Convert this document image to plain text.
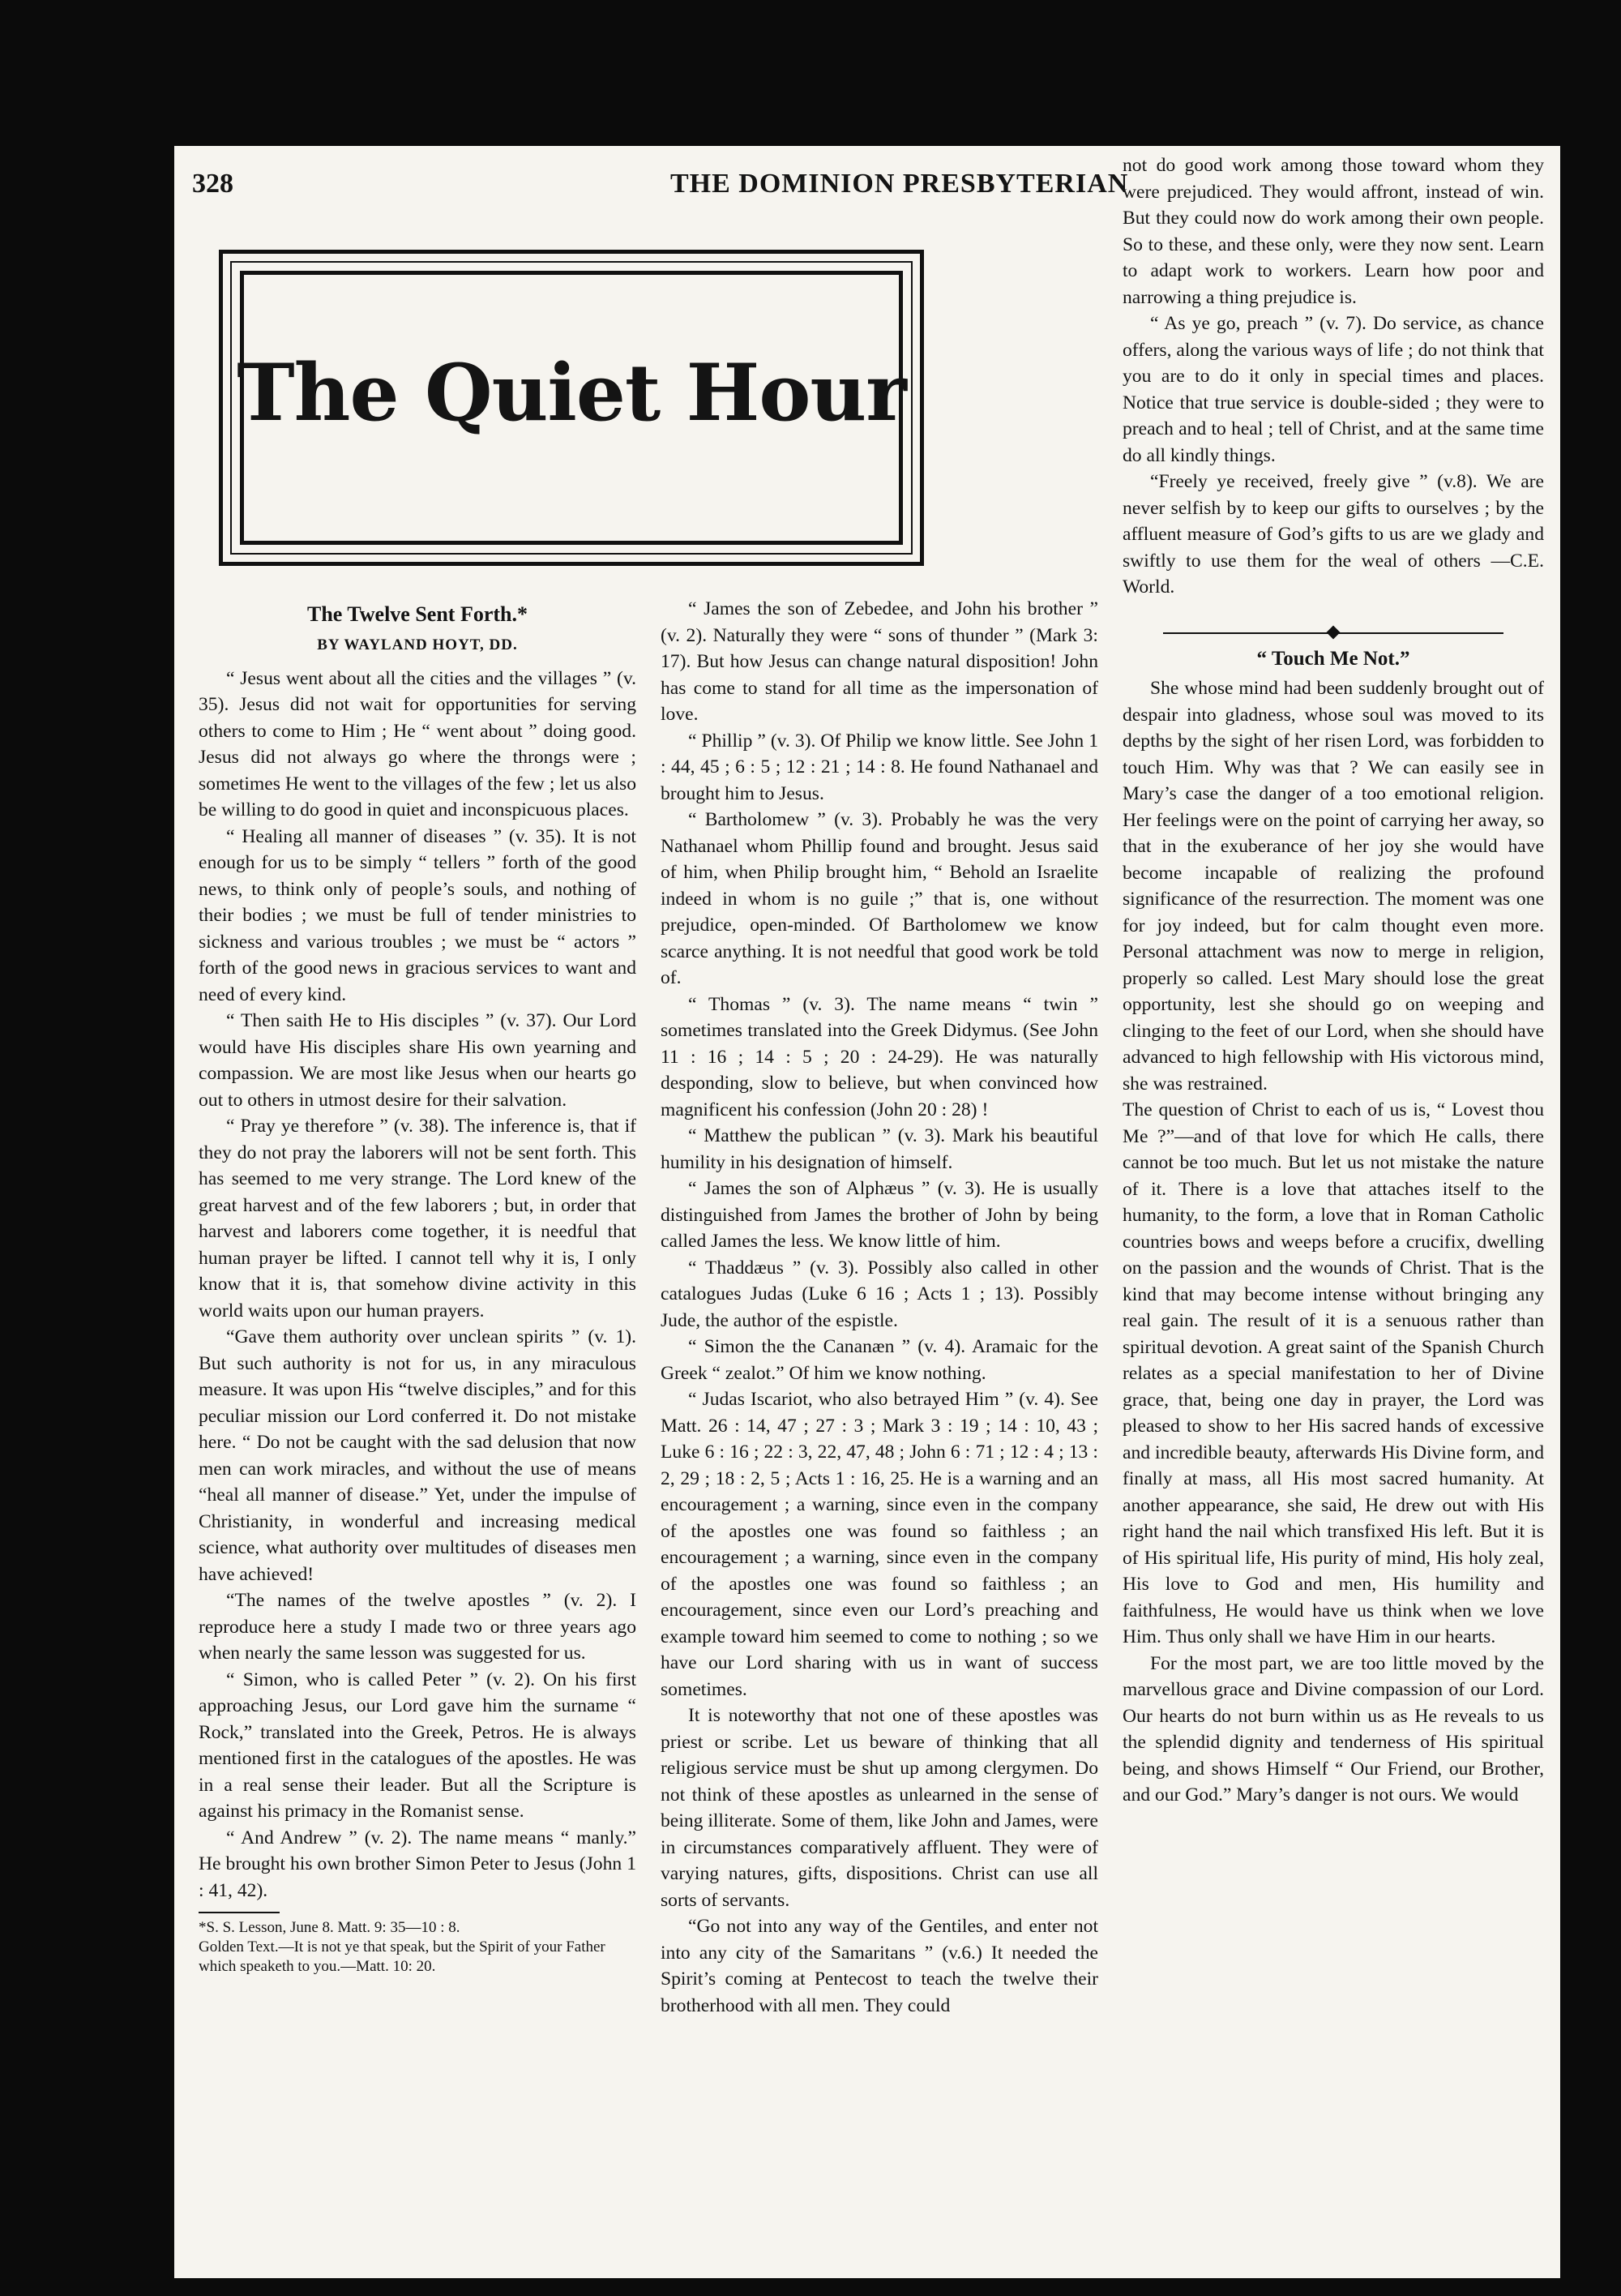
328	THE DOMINION PRESBYTERIAN
The Quiet Hour
The Twelve Sent Forth.*
BY WAYLAND HOYT, DD.

“ Jesus went about all the cities and the villages ” (v. 35). Jesus did not wait for opportunities for serving others to come to Him ; He “ went about ” doing good. Jesus did not always go where the throngs were ; sometimes He went to the villages of the few ; let us also be willing to do good in quiet and inconspicuous places.

“ Healing all manner of diseases ” (v. 35). It is not enough for us to be simply “ tellers ” forth of the good news, to think only of people’s souls, and nothing of their bodies ; we must be full of tender ministries to sickness and various troubles ; we must be “ actors ” forth of the good news in gracious services to want and need of every kind.

“ Then saith He to His disciples ” (v. 37). Our Lord would have His disciples share His own yearning and compassion. We are most like Jesus when our hearts go out to others in utmost desire for their salvation.

“ Pray ye therefore ” (v. 38). The inference is, that if they do not pray the laborers will not be sent forth. This has seemed to me very strange. The Lord knew of the great harvest and of the few laborers ; but, in order that harvest and laborers come together, it is needful that human prayer be lifted. I cannot tell why it is, I only know that it is, that somehow divine activity in this world waits upon our human prayers.

“Gave them authority over unclean spirits ” (v. 1). But such authority is not for us, in any miraculous measure. It was upon His “twelve disciples,” and for this peculiar mission our Lord conferred it. Do not mistake here. “ Do not be caught with the sad delusion that now men can work miracles, and without the use of means “heal all manner of disease.” Yet, under the impulse of Christianity, in wonderful and increasing medical science, what authority over multitudes of diseases men have achieved!

“The names of the twelve apostles ” (v. 2). I reproduce here a study I made two or three years ago when nearly the same lesson was suggested for us.

“ Simon, who is called Peter ” (v. 2). On his first approaching Jesus, our Lord gave him the surname “ Rock,” translated into the Greek, Petros. He is always mentioned first in the catalogues of the apostles. He was in a real sense their leader. But all the Scripture is against his primacy in the Romanist sense.

“ And Andrew ” (v. 2). The name means “ manly.” He brought his own brother Simon Peter to Jesus (John 1 : 41, 42).

*S. S. Lesson, June 8. Matt. 9: 35—10 : 8.
Golden Text.—It is not ye that speak, but the Spirit of your Father which speaketh to you.—Matt. 10: 20.

“ James the son of Zebedee, and John his brother ” (v. 2). Naturally they were “ sons of thunder ” (Mark 3: 17). But how Jesus can change natural disposition! John has come to stand for all time as the impersonation of love.

“ Phillip ” (v. 3). Of Philip we know little. See John 1 : 44, 45 ; 6 : 5 ; 12 : 21 ; 14 : 8. He found Nathanael and brought him to Jesus.

“ Bartholomew ” (v. 3). Probably he was the very Nathanael whom Phillip found and brought. Jesus said of him, when Philip brought him, “ Behold an Israelite indeed in whom is no guile ;” that is, one without prejudice, open-minded. Of Bartholomew we know scarce anything. It is not needful that good work be told of.

“ Thomas ” (v. 3). The name means “ twin ” sometimes translated into the Greek Didymus. (See John 11 : 16 ; 14 : 5 ; 20 : 24-29). He was naturally desponding, slow to believe, but when convinced how magnificent his confession (John 20 : 28) !

“ Matthew the publican ” (v. 3). Mark his beautiful humility in his designation of himself.

“ James the son of Alphæus ” (v. 3). He is usually distinguished from James the brother of John by being called James the less. We know little of him.

“ Thaddæus ” (v. 3). Possibly also called in other catalogues Judas (Luke 6 16 ; Acts 1 ; 13). Possibly Jude, the author of the espistle.

“ Simon the the Cananæn ” (v. 4). Aramaic for the Greek “ zealot.” Of him we know nothing.

“ Judas Iscariot, who also betrayed Him ” (v. 4). See Matt. 26 : 14, 47 ; 27 : 3 ; Mark 3 : 19 ; 14 : 10, 43 ; Luke 6 : 16 ; 22 : 3, 22, 47, 48 ; John 6 : 71 ; 12 : 4 ; 13 : 2, 29 ; 18 : 2, 5 ; Acts 1 : 16, 25. He is a warning and an encouragement ; a warning, since even in the company of the apostles one was found so faithless ; an encouragement ; a warning, since even in the company of the apostles one was found so faithless ; an encouragement, since even our Lord’s preaching and example toward him seemed to come to nothing ; so we have our Lord sharing with us in want of success sometimes.

It is noteworthy that not one of these apostles was priest or scribe. Let us beware of thinking that all religious service must be shut up among clergymen. Do not think of these apostles as unlearned in the sense of being illiterate. Some of them, like John and James, were in circumstances comparatively affluent. They were of varying natures, gifts, dispositions. Christ can use all sorts of servants.

“Go not into any way of the Gentiles, and enter not into any city of the Samaritans ” (v.6.) It needed the Spirit’s coming at Pentecost to teach the twelve their brotherhood with all men. They could

not do good work among those toward whom they were prejudiced. They would affront, instead of win. But they could now do work among their own people. So to these, and these only, were they now sent. Learn to adapt work to workers. Learn how poor and narrowing a thing prejudice is.

“ As ye go, preach ” (v. 7). Do service, as chance offers, along the various ways of life ; do not think that you are to do it only in special times and places. Notice that true service is double-sided ; they were to preach and to heal ; tell of Christ, and at the same time do all kindly things.

“Freely ye received, freely give ” (v.8). We are never selfish by to keep our gifts to ourselves ; by the affluent measure of God’s gifts to us are we glady and swiftly to use them for the weal of others —C.E. World.

“ Touch Me Not.”

She whose mind had been suddenly brought out of despair into gladness, whose soul was moved to its depths by the sight of her risen Lord, was forbidden to touch Him. Why was that ? We can easily see in Mary’s case the danger of a too emotional religion. Her feelings were on the point of carrying her away, so that in the exuberance of her joy she would have become incapable of realizing the profound significance of the resurrection. The moment was one for joy indeed, but for calm thought even more. Personal attachment was now to merge in religion, properly so called. Lest Mary should lose the great opportunity, lest she should go on weeping and clinging to the feet of our Lord, when she should have advanced to high fellowship with His victorous mind, she was restrained.

The question of Christ to each of us is, “ Lovest thou Me ?”—and of that love for which He calls, there cannot be too much. But let us not mistake the nature of it. There is a love that attaches itself to the humanity, to the form, a love that in Roman Catholic countries bows and weeps before a crucifix, dwelling on the passion and the wounds of Christ. That is the kind that may become intense without bringing any real gain. The result of it is a senuous rather than spiritual devotion. A great saint of the Spanish Church relates as a special manifestation to her of Divine grace, that, being one day in prayer, the Lord was pleased to show to her His sacred hands of excessive and incredible beauty, afterwards His Divine form, and finally at mass, all His most sacred humanity. At another appearance, she said, He drew out with His right hand the nail which transfixed His left. But it is of His spiritual life, His purity of mind, His holy zeal, His love to God and men, His humility and faithfulness, He would have us think when we love Him. Thus only shall we have Him in our hearts.

For the most part, we are too little moved by the marvellous grace and Divine compassion of our Lord. Our hearts do not burn within us as He reveals to us the splendid dignity and tenderness of His spiritual being, and shows Himself “ Our Friend, our Brother, and our God.” Mary’s danger is not ours. We would
